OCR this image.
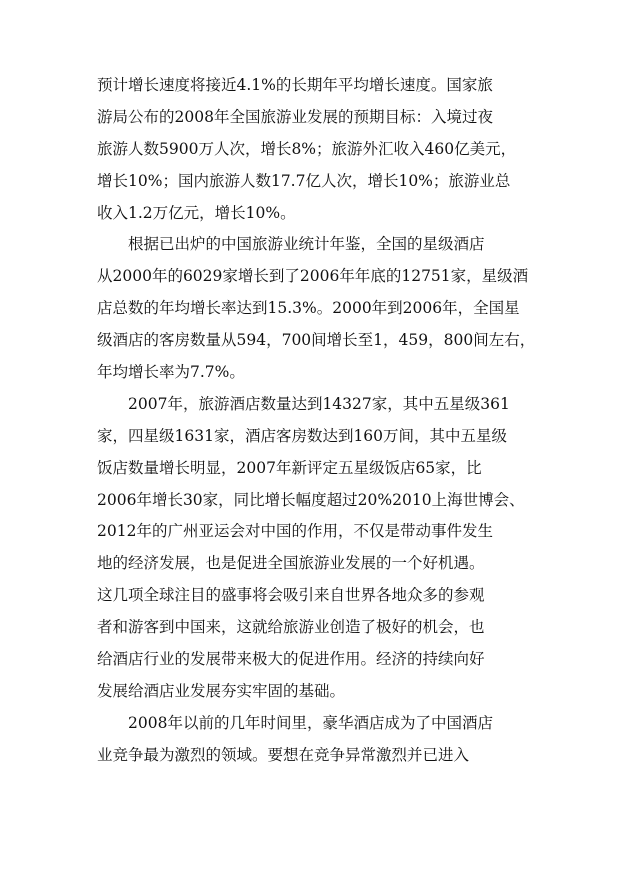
预计增长速度将接近4.1%的长期年平均增长速度。国家旅
游局公布的2008年全国旅游业发展的预期目标：入境过夜
旅游人数5900万人次，增长8%；旅游外汇收入460亿美元，
增长10%；国内旅游人数17.7亿人次，增长10%；旅游业总
收入1.2万亿元，增长10%。
根据已出炉的中国旅游业统计年鉴，全国的星级酒店
从2000年的6029家增长到了2006年年底的12751家，星级酒
店总数的年均增长率达到15.3%。2000年到2006年，全国星
级酒店的客房数量从594，700间增长至1，459，800间左右，
年均增长率为7.7%。
2007年，旅游酒店数量达到14327家，其中五星级361
家，四星级1631家，酒店客房数达到160万间，其中五星级
饭店数量增长明显，2007年新评定五星级饭店65家，比
2006年增长30家，同比增长幅度超过20%2010上海世博会、
2012年的广州亚运会对中国的作用，不仅是带动事件发生
地的经济发展，也是促进全国旅游业发展的一个好机遇。
这几项全球注目的盛事将会吸引来自世界各地众多的参观
者和游客到中国来，这就给旅游业创造了极好的机会，也
给酒店行业的发展带来极大的促进作用。经济的持续向好
发展给酒店业发展夯实牢固的基础。
2008年以前的几年时间里，豪华酒店成为了中国酒店
业竞争最为激烈的领域。要想在竞争异常激烈并已进入
